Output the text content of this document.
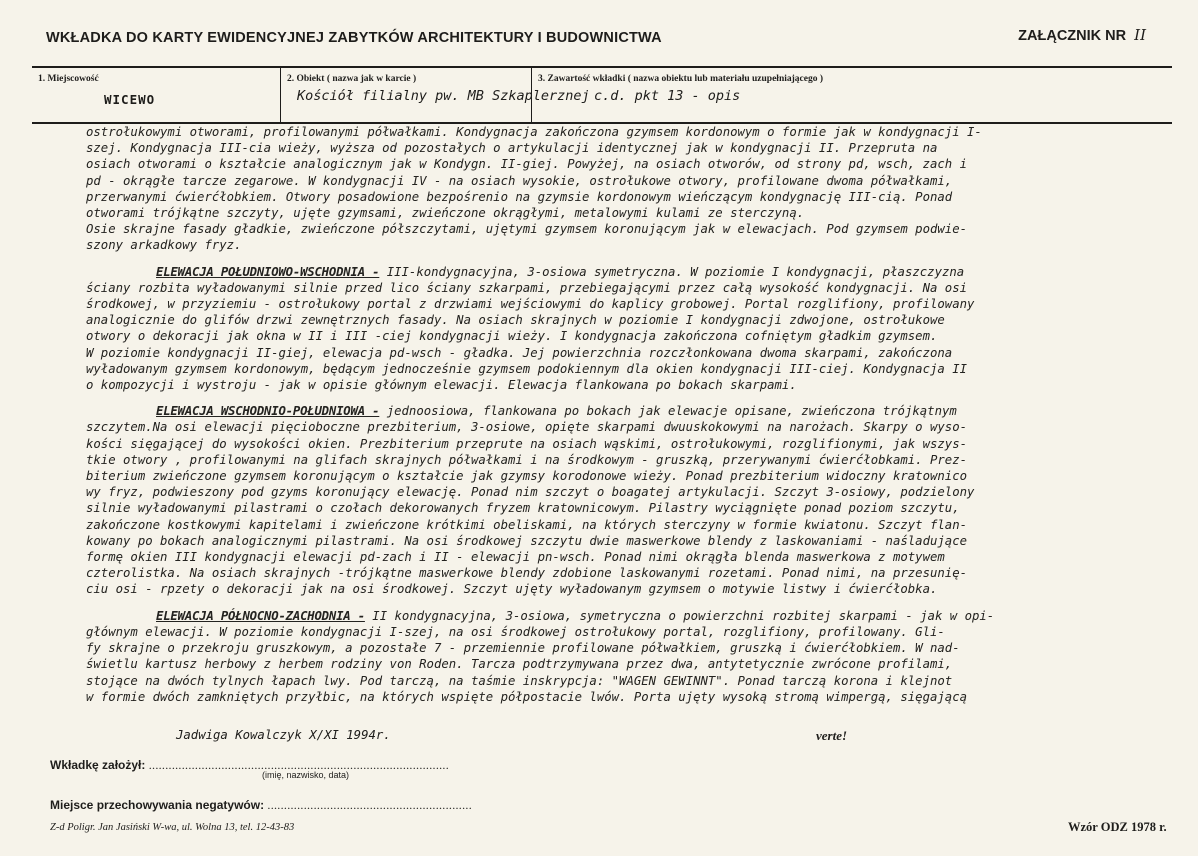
WKŁADKA DO KARTY EWIDENCYJNEJ ZABYTKÓW ARCHITEKTURY I BUDOWNICTWA	ZAŁĄCZNIK NR II
1. Miejscowość
WICEWO
2. Obiekt ( nazwa jak w karcie )
Kościół filialny pw. MB Szkaplerznej
3. Zawartość wkładki ( nazwa obiektu lub materiału uzupełniającego )
c.d. pkt 13 - opis

ostrołukowymi otworami, profilowanymi półwałkami. Kondygnacja zakończona gzymsem kordonowym o formie jak w kondygnacji I-

szej. Kondygnacja III-cia wieży, wyższa od pozostałych o artykulacji identycznej jak w kondygnacji II. Przepruta na

osiach otworami o kształcie analogicznym jak w Kondygn. II-giej. Powyżej, na osiach otworów, od strony pd, wsch, zach i

pd - okrągłe tarcze zegarowe. W kondygnacji IV - na osiach wysokie, ostrołukowe otwory, profilowane dwoma półwałkami,

przerwanymi ćwierćłobkiem. Otwory posadowione bezpośrenio na gzymsie kordonowym wieńczącym kondygnację III-cią. Ponad

otworami trójkątne szczyty, ujęte gzymsami, zwieńczone okrągłymi, metalowymi kulami ze sterczyną.

Osie skrajne fasady gładkie, zwieńczone półszczytami, ujętymi gzymsem koronującym jak w elewacjach. Pod gzymsem podwie-

szony arkadkowy fryz.

ELEWACJA POŁUDNIOWO-WSCHODNIA - III-kondygnacyjna, 3-osiowa symetryczna. W poziomie I kondygnacji, płaszczyzna

ściany rozbita wyładowanymi silnie przed lico ściany szkarpami, przebiegającymi przez całą wysokość kondygnacji. Na osi

środkowej, w przyziemiu - ostrołukowy portal z drzwiami wejściowymi do kaplicy grobowej. Portal rozglifiony, profilowany

analogicznie do glifów drzwi zewnętrznych fasady. Na osiach skrajnych w poziomie I kondygnacji zdwojone, ostrołukowe

otwory o dekoracji jak okna w II i III -ciej kondygnacji wieży. I kondygnacja zakończona cofniętym gładkim gzymsem.

W poziomie kondygnacji II-giej, elewacja pd-wsch - gładka. Jej powierzchnia rozczłonkowana dwoma skarpami, zakończona

wyładowanym gzymsem kordonowym, będącym jednocześnie gzymsem podokiennym dla okien kondygnacji III-ciej. Kondygnacja II

o kompozycji i wystroju - jak w opisie głównym elewacji. Elewacja flankowana po bokach skarpami.

ELEWACJA WSCHODNIO-POŁUDNIOWA - jednoosiowa, flankowana po bokach jak elewacje opisane, zwieńczona trójkątnym

szczytem.Na osi elewacji pięcioboczne prezbiterium, 3-osiowe, opięte skarpami dwuuskokowymi na narożach. Skarpy o wyso-

kości sięgającej do wysokości okien. Prezbiterium przeprute na osiach wąskimi, ostrołukowymi, rozglifionymi, jak wszys-

tkie otwory , profilowanymi na glifach skrajnych półwałkami i na środkowym - gruszką, przerywanymi ćwierćłobkami. Prez-

biterium zwieńczone gzymsem koronującym o kształcie jak gzymsy korodonowe wieży. Ponad prezbiterium widoczny kratownico

wy fryz, podwieszony pod gzyms koronujący elewację. Ponad nim szczyt o boagatej artykulacji. Szczyt 3-osiowy, podzielony

silnie wyładowanymi pilastrami o czołach dekorowanych fryzem kratownicowym. Pilastry wyciągnięte ponad poziom szczytu,

zakończone kostkowymi kapitelami i zwieńczone krótkimi obeliskami, na których sterczyny w formie kwiatonu. Szczyt flan-

kowany po bokach analogicznymi pilastrami. Na osi środkowej szczytu dwie maswerkowe blendy z laskowaniami - naśladujące

formę okien III kondygnacji elewacji pd-zach i II - elewacji pn-wsch. Ponad nimi okrągła blenda maswerkowa z motywem

czterolistka. Na osiach skrajnych -trójkątne maswerkowe blendy zdobione laskowanymi rozetami. Ponad nimi, na przesunię-

ciu osi - rpzety o dekoracji jak na osi środkowej. Szczyt ujęty wyładowanym gzymsem o motywie listwy i ćwierćłobka.

ELEWACJA PÓŁNOCNO-ZACHODNIA - II kondygnacyjna, 3-osiowa, symetryczna o powierzchni rozbitej skarpami - jak w opi-

głównym elewacji. W poziomie kondygnacji I-szej, na osi środkowej ostrołukowy portal, rozglifiony, profilowany. Gli-

fy skrajne o przekroju gruszkowym, a pozostałe 7 - przemiennie profilowane półwałkiem, gruszką i ćwierćłobkiem. W nad-

świetlu kartusz herbowy z herbem rodziny von Roden. Tarcza podtrzymywana przez dwa, antytetycznie zwrócone profilami,

stojące na dwóch tylnych łapach lwy. Pod tarczą, na taśmie inskrypcja: "WAGEN GEWINNT". Ponad tarczą korona i klejnot

w formie dwóch zamkniętych przyłbic, na których wspięte półpostacie lwów. Porta ujęty wysoką stromą wimpergą, sięgającą

Jadwiga Kowalczyk X/XI 1994r.	verte!
Wkładkę założył: ...........................................................................................
(imię, nazwisko, data)
Miejsce przechowywania negatywów: ..............................................................
Z-d Poligr. Jan Jasiński W-wa, ul. Wolna 13, tel. 12-43-83	Wzór ODZ 1978 r.
